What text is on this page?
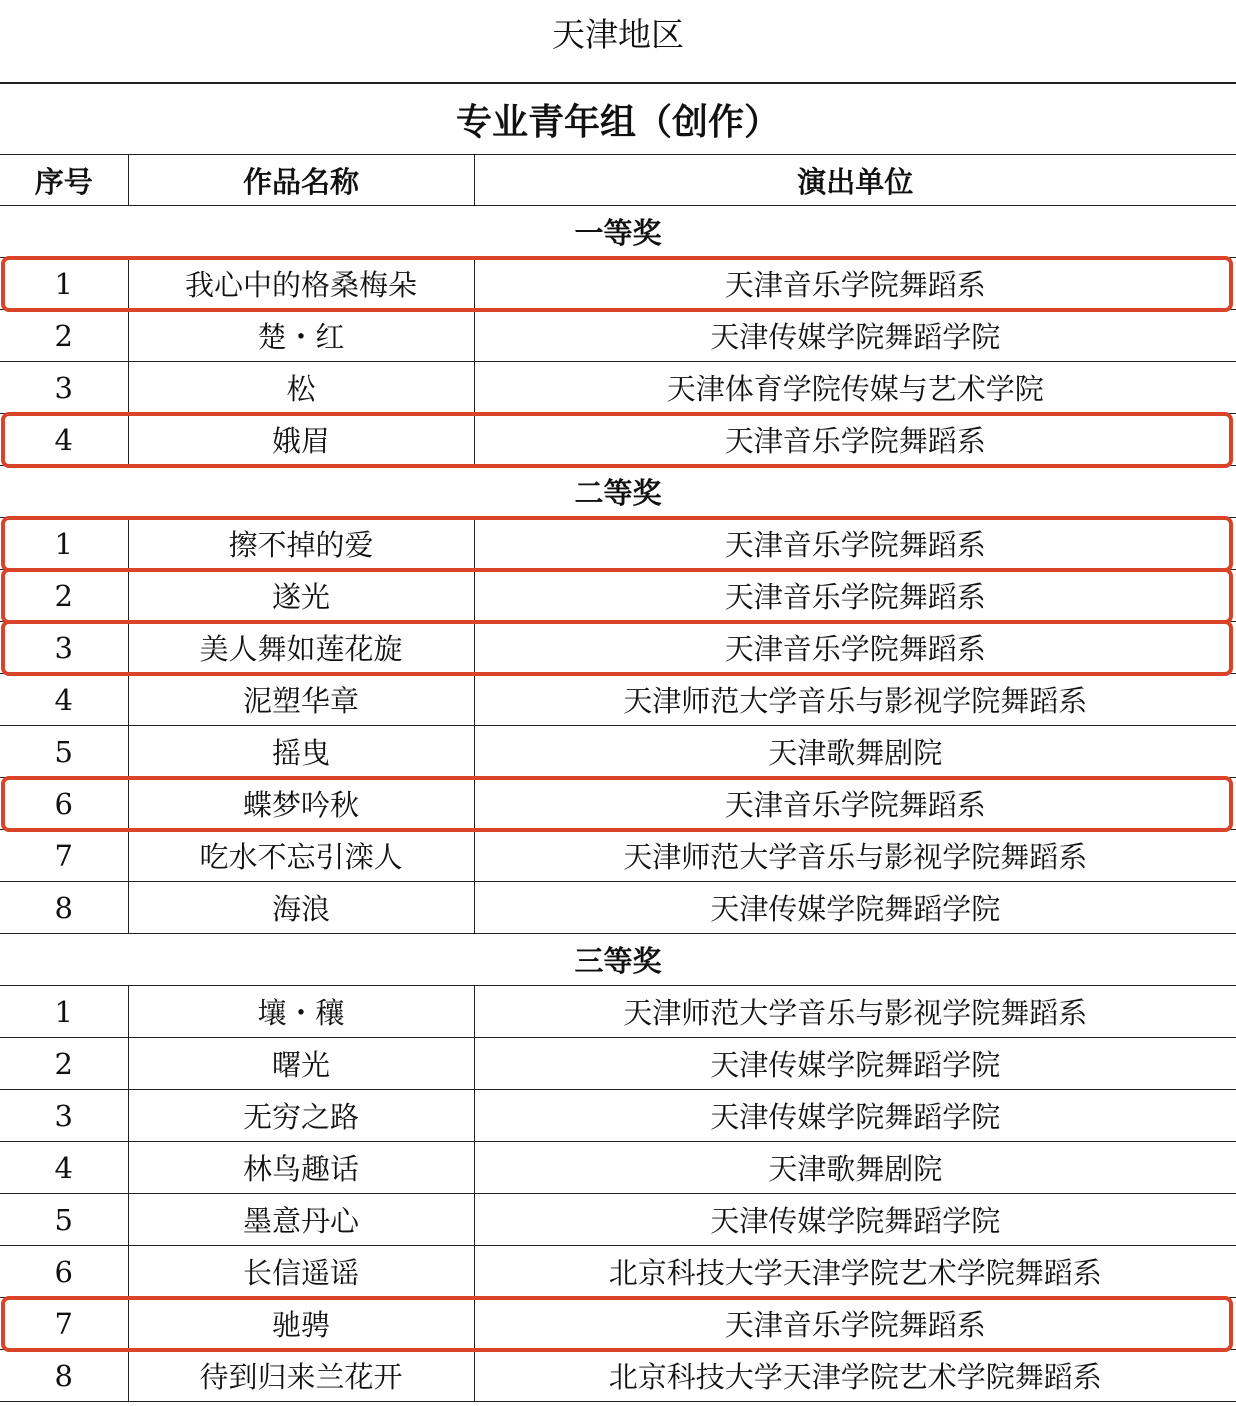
天津地区
专业青年组（创作）		
序号	作品名称	演出单位
一等奖		
1	我心中的格桑梅朵	天津音乐学院舞蹈系
2	楚・红	天津传媒学院舞蹈学院
3	松	天津体育学院传媒与艺术学院
4	娥眉	天津音乐学院舞蹈系
二等奖		
1	擦不掉的爱	天津音乐学院舞蹈系
2	遂光	天津音乐学院舞蹈系
3	美人舞如莲花旋	天津音乐学院舞蹈系
4	泥塑华章	天津师范大学音乐与影视学院舞蹈系
5	摇曳	天津歌舞剧院
6	蝶梦吟秋	天津音乐学院舞蹈系
7	吃水不忘引滦人	天津师范大学音乐与影视学院舞蹈系
8	海浪	天津传媒学院舞蹈学院
三等奖		
1	壤・穰	天津师范大学音乐与影视学院舞蹈系
2	曙光	天津传媒学院舞蹈学院
3	无穷之路	天津传媒学院舞蹈学院
4	林鸟趣话	天津歌舞剧院
5	墨意丹心	天津传媒学院舞蹈学院
6	长信遥谣	北京科技大学天津学院艺术学院舞蹈系
7	驰骋	天津音乐学院舞蹈系
8	待到归来兰花开	北京科技大学天津学院艺术学院舞蹈系
